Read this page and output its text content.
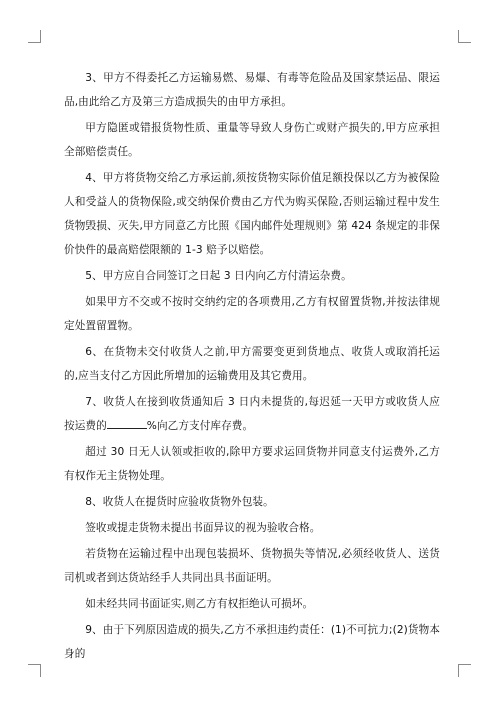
3、甲方不得委托乙方运输易燃、易爆、有毒等危险品及国家禁运品、限运品,由此给乙方及第三方造成损失的由甲方承担。

甲方隐匿或错报货物性质、重量等导致人身伤亡或财产损失的,甲方应承担全部赔偿责任。

4、甲方将货物交给乙方承运前,须按货物实际价值足额投保以乙方为被保险人和受益人的货物保险,或交纳保价费由乙方代为购买保险,否则运输过程中发生货物毁损、灭失,甲方同意乙方比照《国内邮件处理规则》第 424 条规定的非保价快件的最高赔偿限额的 1-3 赔予以赔偿。

5、甲方应自合同签订之日起 3 日内向乙方付清运杂费。

如果甲方不交或不按时交纳约定的各项费用,乙方有权留置货物,并按法律规定处置留置物。

6、在货物未交付收货人之前,甲方需要变更到货地点、收货人或取消托运的,应当支付乙方因此所增加的运输费用及其它费用。

7、收货人在接到收货通知后 3 日内未提货的,每迟延一天甲方或收货人应按运费的	%向乙方支付库存费。

超过 30 日无人认领或拒收的,除甲方要求运回货物并同意支付运费外,乙方有权作无主货物处理。

8、收货人在提货时应验收货物外包装。

签收或提走货物未提出书面异议的视为验收合格。

若货物在运输过程中出现包装损坏、货物损失等情况,必须经收货人、送货司机或者到达货站经手人共同出具书面证明。

如未经共同书面证实,则乙方有权拒绝认可损坏。

9、由于下列原因造成的损失,乙方不承担违约责任：(1)不可抗力;(2)货物本身的
